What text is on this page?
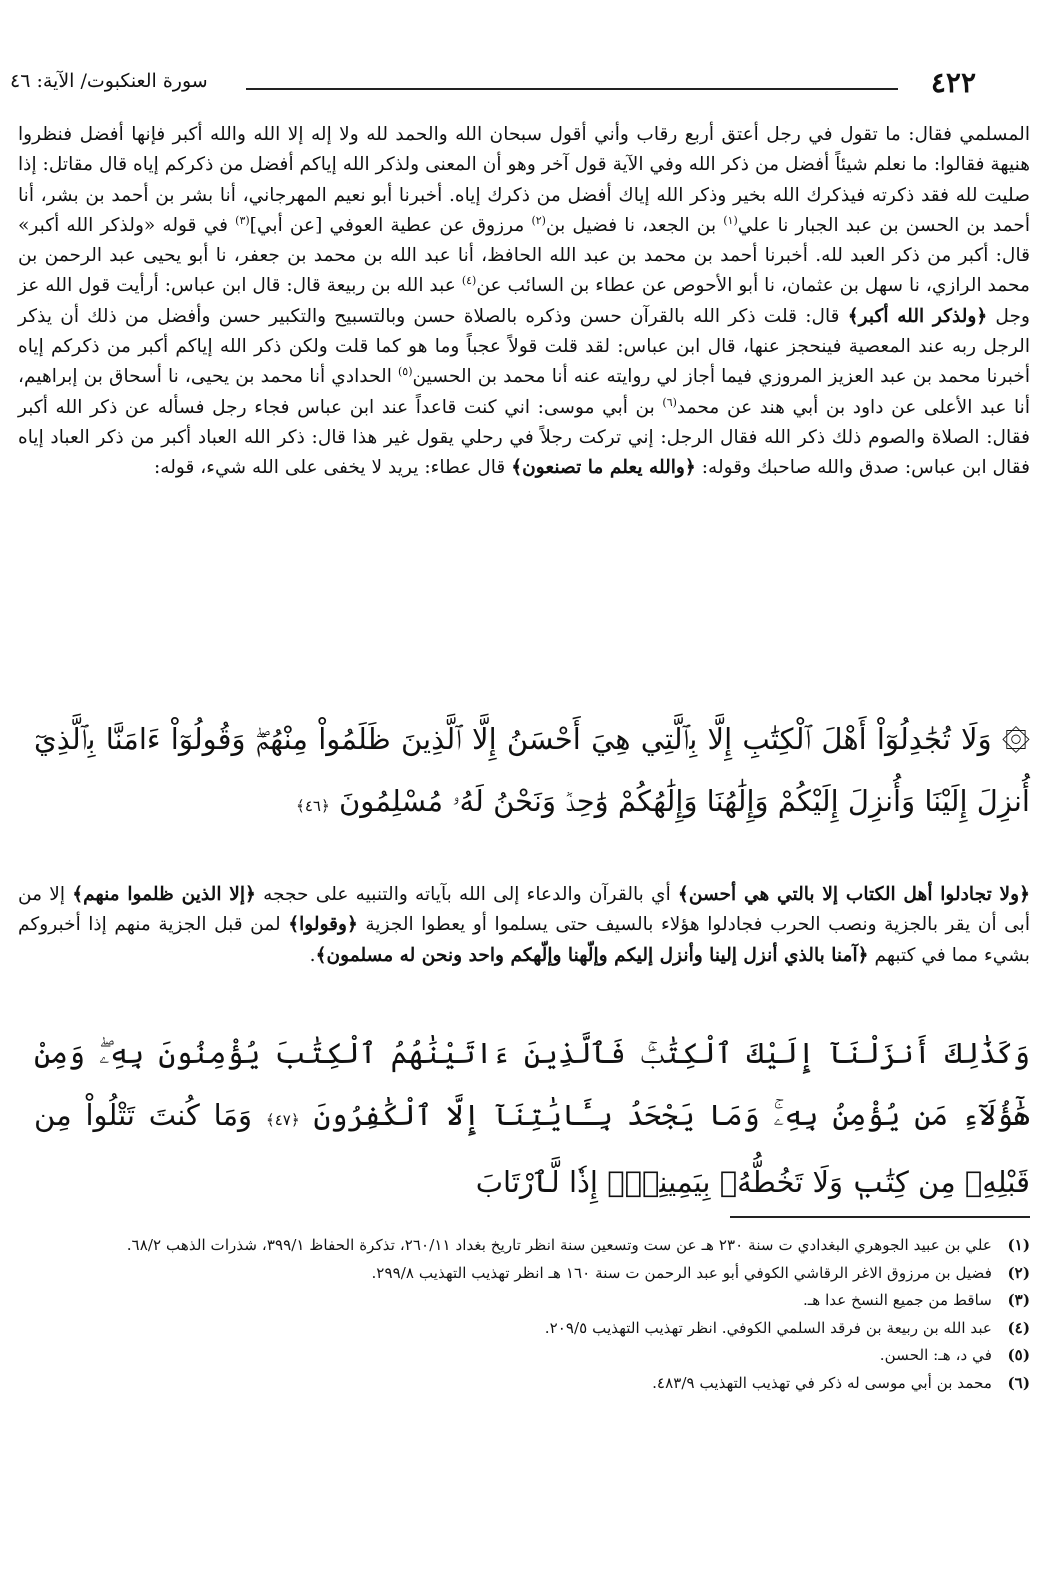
٤٢٢
سورة العنكبوت/ الآية: ٤٦

المسلمي فقال: ما تقول في رجل أعتق أربع رقاب وأني أقول سبحان الله والحمد لله ولا إله إلا الله والله أكبر فإنها أفضل فنظروا هنيهة فقالوا: ما نعلم شيئاً أفضل من ذكر الله وفي الآية قول آخر وهو أن المعنى ولذكر الله إياكم أفضل من ذكركم إياه قال مقاتل: إذا صليت لله فقد ذكرته فيذكرك الله بخير وذكر الله إياك أفضل من ذكرك إياه. أخبرنا أبو نعيم المهرجاني، أنا بشر بن أحمد بن بشر، أنا أحمد بن الحسن بن عبد الجبار نا علي$^{(١)}$ بن الجعد، نا فضيل بن$^{(٢)}$ مرزوق عن عطية العوفي [عن أبي]$^{(٣)}$ في قوله «ولذكر الله أكبر» قال: أكبر من ذكر العبد لله. أخبرنا أحمد بن محمد بن عبد الله الحافظ، أنا عبد الله بن محمد بن جعفر، نا أبو يحيى عبد الرحمن بن محمد الرازي، نا سهل بن عثمان، نا أبو الأحوص عن عطاء بن السائب عن$^{(٤)}$ عبد الله بن ربيعة قال: قال ابن عباس: أرأيت قول الله عز وجل ﴿ولذكر الله أكبر﴾ قال: قلت ذكر الله بالقرآن حسن وذكره بالصلاة حسن وبالتسبيح والتكبير حسن وأفضل من ذلك أن يذكر الرجل ربه عند المعصية فينحجز عنها، قال ابن عباس: لقد قلت قولاً عجباً وما هو كما قلت ولكن ذكر الله إياكم أكبر من ذكركم إياه أخبرنا محمد بن عبد العزيز المروزي فيما أجاز لي روايته عنه أنا محمد بن الحسين$^{(٥)}$ الحدادي أنا محمد بن يحيى، نا أسحاق بن إبراهيم، أنا عبد الأعلى عن داود بن أبي هند عن محمد$^{(٦)}$ بن أبي موسى: اني كنت قاعداً عند ابن عباس فجاء رجل فسأله عن ذكر الله أكبر فقال: الصلاة والصوم ذلك ذكر الله فقال الرجل: إني تركت رجلاً في رحلي يقول غير هذا قال: ذكر الله العباد أكبر من ذكر العباد إياه فقال ابن عباس: صدق والله صاحبك وقوله: ﴿والله يعلم ما تصنعون﴾ قال عطاء: يريد لا يخفى على الله شيء، قوله:

۞ وَلَا تُجَٰدِلُوٓاْ أَهْلَ ٱلْكِتَٰبِ إِلَّا بِٱلَّتِي هِيَ أَحْسَنُ إِلَّا ٱلَّذِينَ ظَلَمُواْ مِنْهُمْۖ وَقُولُوٓاْ ءَامَنَّا بِٱلَّذِيٓ أُنزِلَ إِلَيْنَا وَأُنزِلَ إِلَيْكُمْ وَإِلَٰهُنَا وَإِلَٰهُكُمْ وَٰحِدٞ وَنَحْنُ لَهُۥ مُسْلِمُونَ ﴿٤٦﴾

﴿ولا تجادلوا أهل الكتاب إلا بالتي هي أحسن﴾ أي بالقرآن والدعاء إلى الله بآياته والتنبيه على حججه ﴿إلا الذين ظلموا منهم﴾ إلا من أبى أن يقر بالجزية ونصب الحرب فجادلوا هؤلاء بالسيف حتى يسلموا أو يعطوا الجزية ﴿وقولوا﴾ لمن قبل الجزية منهم إذا أخبروكم بشيء مما في كتبهم ﴿آمنا بالذي أنزل إلينا وأنزل إليكم وإلّهنا وإلّهكم واحد ونحن له مسلمون﴾.

وَكَذَٰلِكَ أَنزَلْنَآ إِلَيْكَ ٱلْكِتَٰبَۚ فَٱلَّذِينَ ءَاتَيْنَٰهُمُ ٱلْكِتَٰبَ يُؤْمِنُونَ بِهِۦۖ وَمِنْ هَٰٓؤُلَآءِ مَن يُؤْمِنُ بِهِۦۚ وَمَا يَجْحَدُ بِـَٔايَٰتِنَآ إِلَّا ٱلْكَٰفِرُونَ ﴿٤٧﴾ وَمَا كُنتَ تَتْلُواْ مِن قَبْلِهِۦ مِن كِتَٰبٖ وَلَا تَخُطُّهُۥ بِيَمِينِكَۖ إِذٗا لَّٱرْتَابَ

(١)علي بن عبيد الجوهري البغدادي ت سنة ٢٣٠ هـ عن ست وتسعين سنة انظر تاريخ بغداد ٢٦٠/١١، تذكرة الحفاظ ٣٩٩/١، شذرات الذهب ٦٨/٢.

(٢)فضيل بن مرزوق الاغر الرقاشي الكوفي أبو عبد الرحمن ت سنة ١٦٠ هـ انظر تهذيب التهذيب ٢٩٩/٨.

(٣)ساقط من جميع النسخ عدا هـ.

(٤)عبد الله بن ربيعة بن فرقد السلمي الكوفي. انظر تهذيب التهذيب ٢٠٩/٥.

(٥)في د، هـ: الحسن.

(٦)محمد بن أبي موسى له ذكر في تهذيب التهذيب ٤٨٣/٩.
